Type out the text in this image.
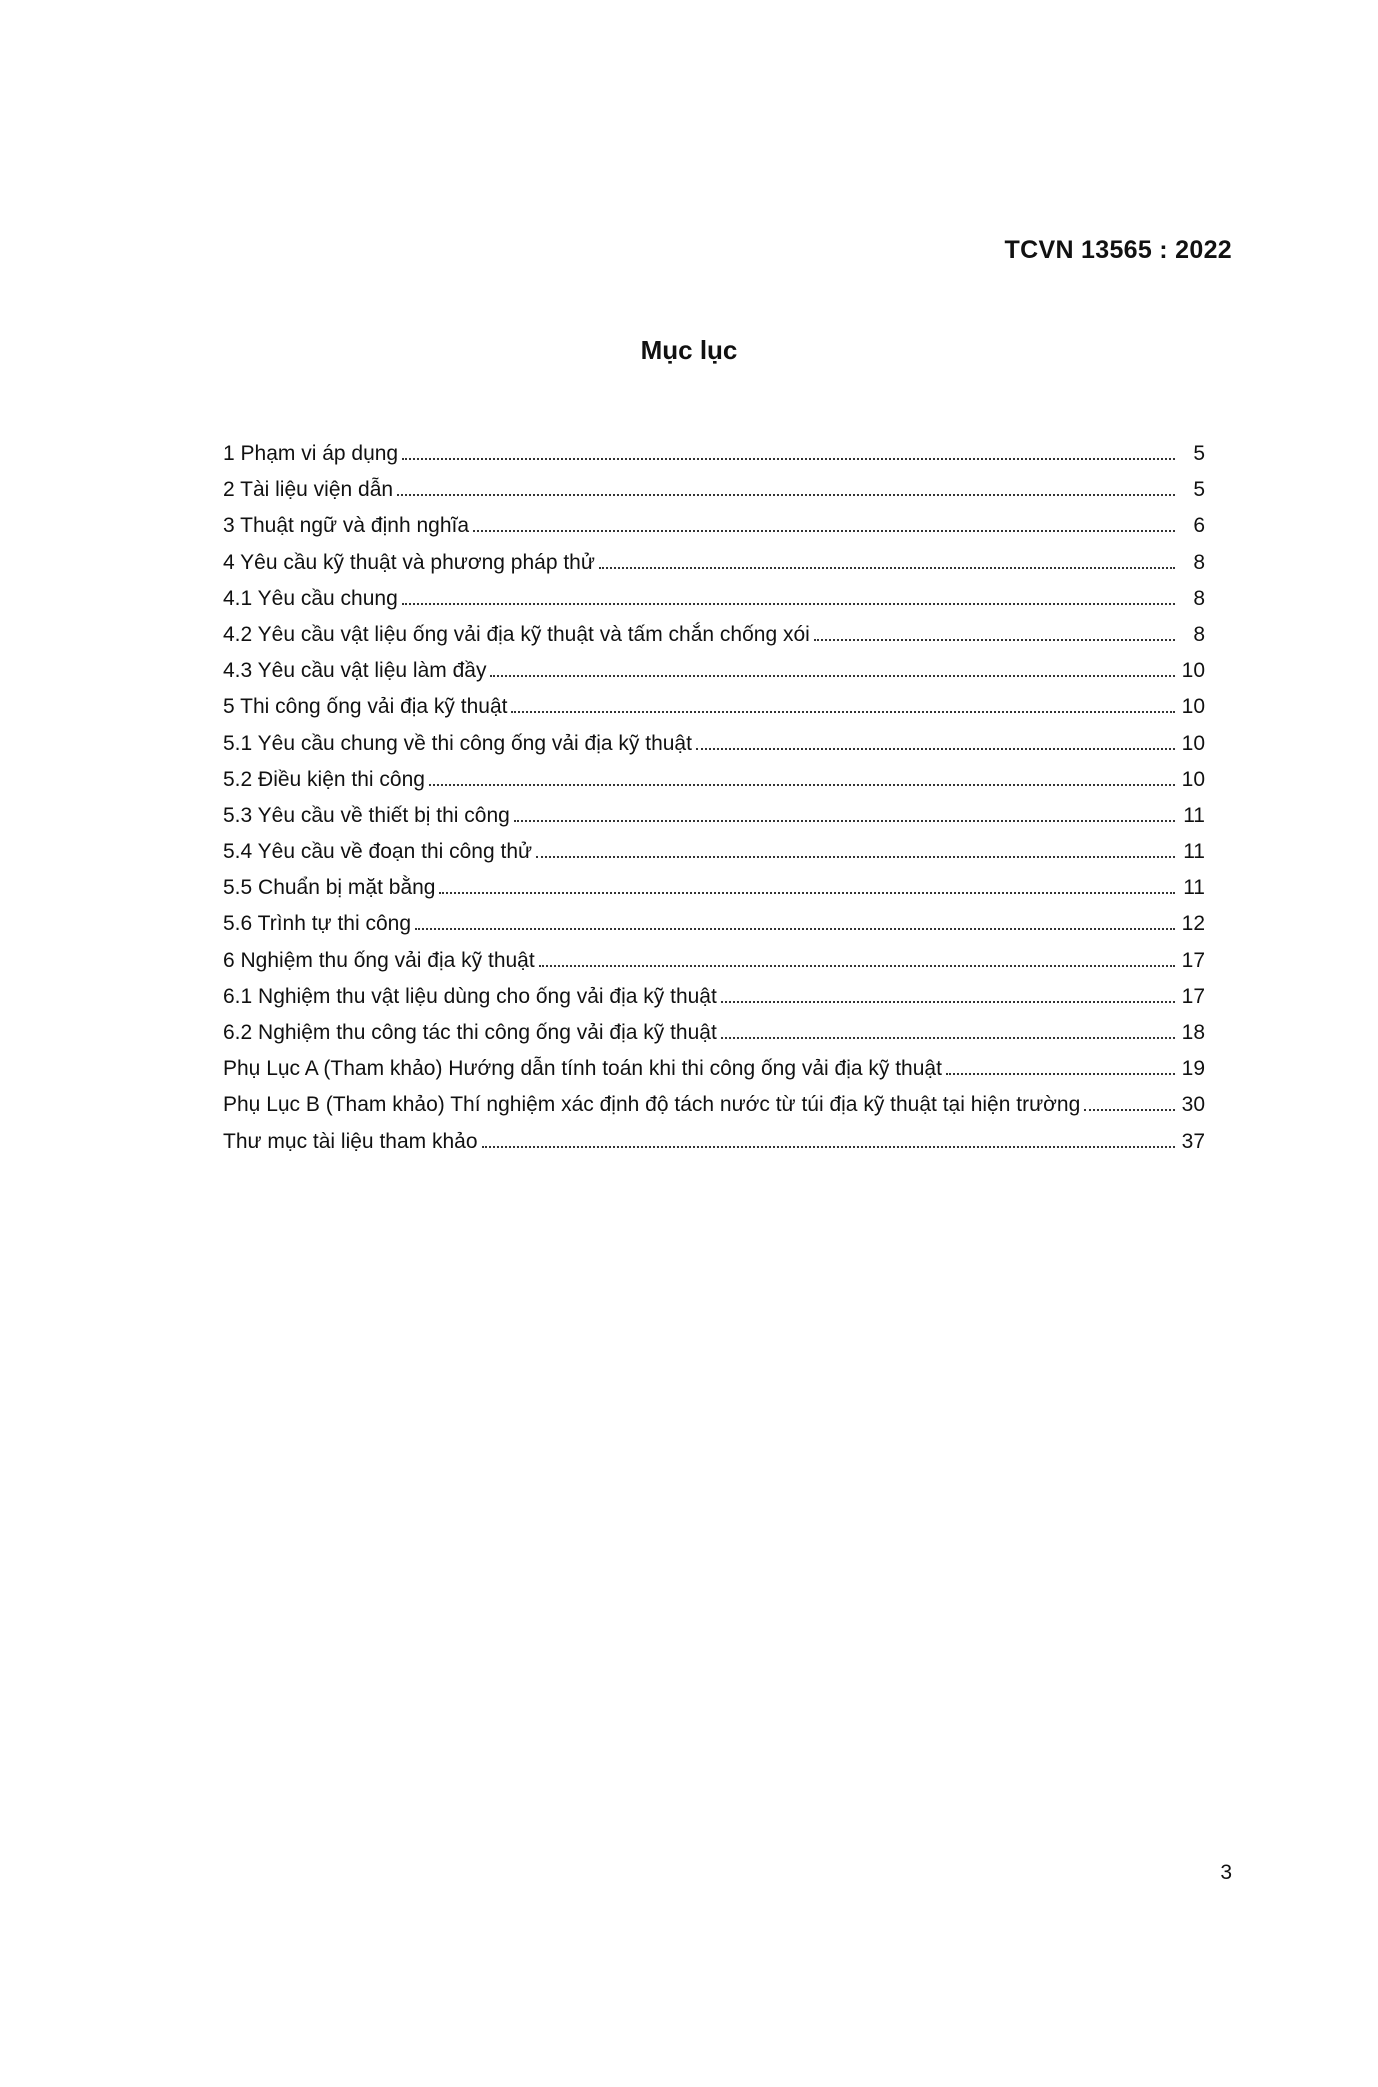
TCVN 13565 : 2022
Mục lục
1 Phạm vi áp dụng	5
2 Tài liệu viện dẫn	5
3 Thuật ngữ và định nghĩa	6
4 Yêu cầu kỹ thuật và phương pháp thử	8
4.1 Yêu cầu chung	8
4.2 Yêu cầu vật liệu ống vải địa kỹ thuật và tấm chắn chống xói	8
4.3 Yêu cầu vật liệu làm đầy	10
5 Thi công ống vải địa kỹ thuật	10
5.1 Yêu cầu chung về thi công ống vải địa kỹ thuật	10
5.2 Điều kiện thi công	10
5.3 Yêu cầu về thiết bị thi công	11
5.4 Yêu cầu về đoạn thi công thử	11
5.5 Chuẩn bị mặt bằng	11
5.6 Trình tự thi công	12
6 Nghiệm thu ống vải địa kỹ thuật	17
6.1 Nghiệm thu vật liệu dùng cho ống vải địa kỹ thuật	17
6.2 Nghiệm thu công tác thi công ống vải địa kỹ thuật	18
Phụ Lục A (Tham khảo) Hướng dẫn tính toán khi thi công ống vải địa kỹ thuật	19
Phụ Lục B (Tham khảo) Thí nghiệm xác định độ tách nước từ túi địa kỹ thuật tại hiện trường	30
Thư mục tài liệu tham khảo	37
3
